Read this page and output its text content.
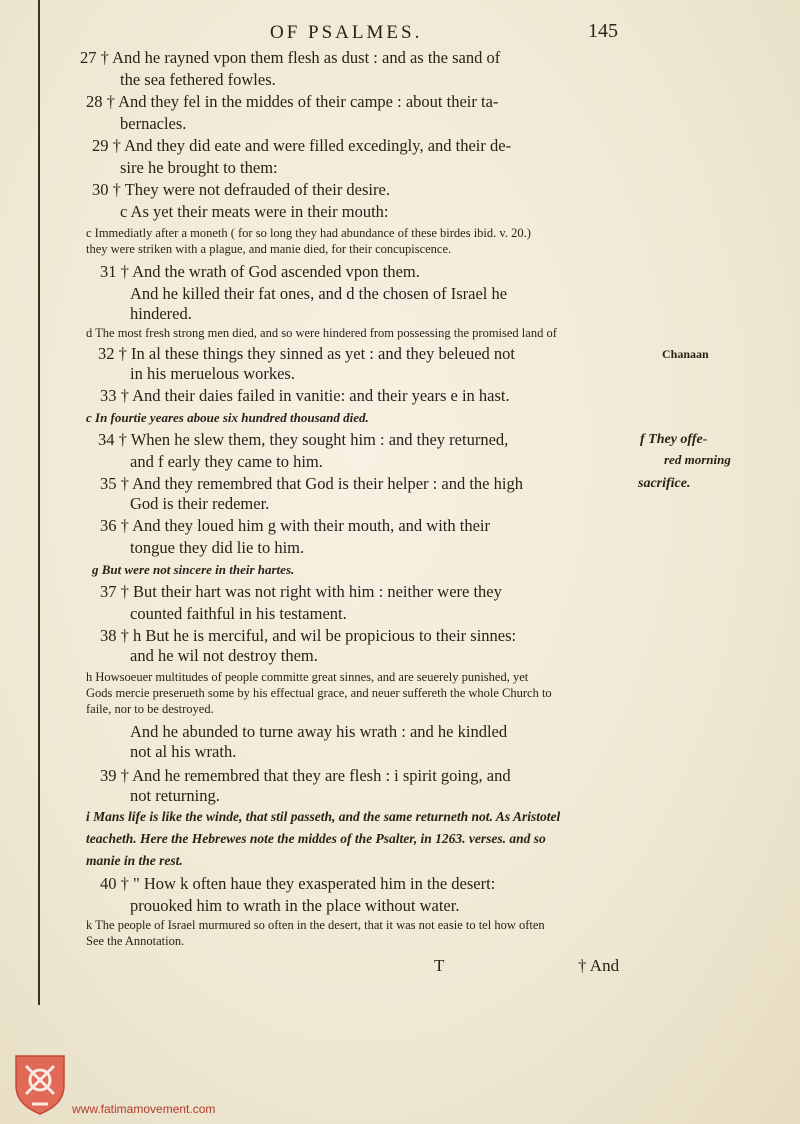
OF PSALMES.	145
27 † And he rayned vpon them flesh as dust : and as the sand of
the sea fethered fowles.
28 † And they fel in the middes of their campe : about their ta-
bernacles.
29 † And they did eate and were filled excedingly, and their de-
sire he brought to them:
30 † They were not defrauded of their desire.
c As yet their meats were in their mouth:
c Immediatly after a moneth ( for so long they had abundance of these birdes ibid. v. 20.)
they were striken with a plague, and manie died, for their concupiscence.
31 † And the wrath of God ascended vpon them.
And he killed their fat ones, and d the chosen of Israel he
hindered.
d The most fresh strong men died, and so were hindered from possessing the promised land of
32 † In al these things they sinned as yet : and they beleued not	Chanaan
in his meruelous workes.
33 † And their daies failed in vanitie: and their years e in hast.
c In fourtie yeares aboue six hundred thousand died.
34 † When he slew them, they sought him : and they returned,	f They offe-
and f early they came to him.	red morning
35 † And they remembred that God is their helper : and the high	sacrifice.
God is their redemer.
36 † And they loued him g with their mouth, and with their
tongue they did lie to him.
g But were not sincere in their hartes.
37 † But their hart was not right with him : neither were they
counted faithful in his testament.
38 † h But he is merciful, and wil be propicious to their sinnes:
and he wil not destroy them.
h Howsoeuer multitudes of people committe great sinnes, and are seuerely punished, yet
Gods mercie preserueth some by his effectual grace, and neuer suffereth the whole Church to
faile, nor to be destroyed.
And he abunded to turne away his wrath : and he kindled
not al his wrath.
39 † And he remembred that they are flesh : i spirit going, and
not returning.
i Mans life is like the winde, that stil passeth, and the same returneth not. As Aristotel
teacheth. Here the Hebrewes note the middes of the Psalter, in 1263. verses. and so
manie in the rest.
40 † " How k often haue they exasperated him in the desert:
prouoked him to wrath in the place without water.
k The people of Israel murmured so often in the desert, that it was not easie to tel how often
See the Annotation.
T	† And
www.fatimamovement.com
